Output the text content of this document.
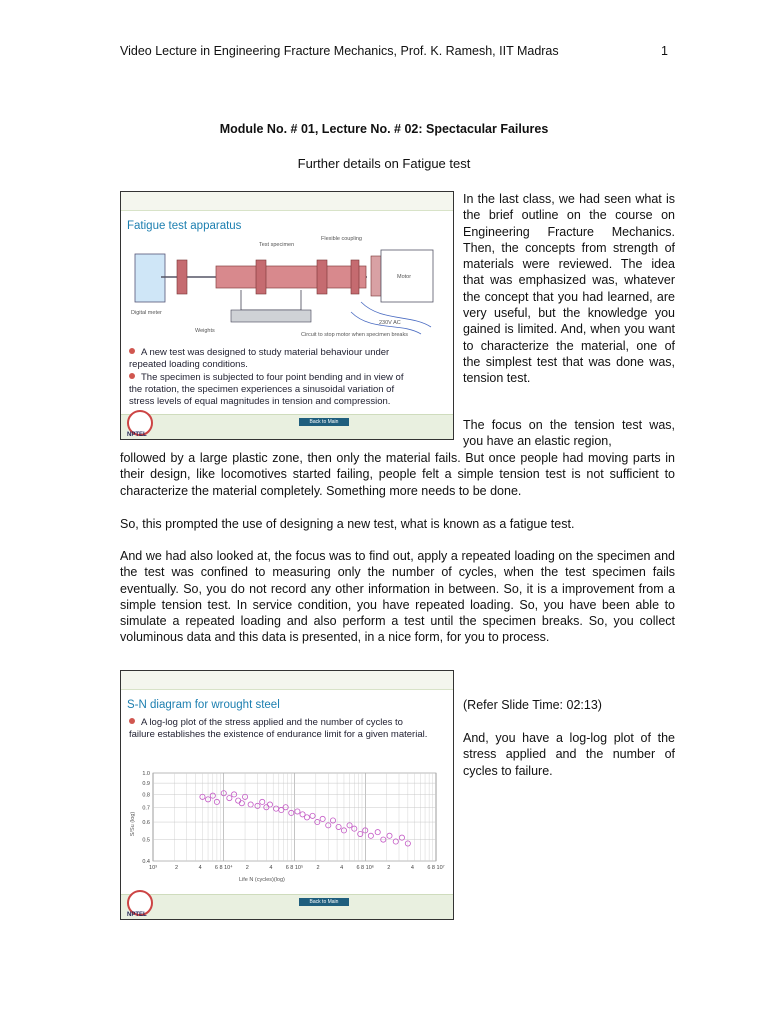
Video Lecture in Engineering Fracture Mechanics, Prof. K. Ramesh, IIT Madras	1
Module No. # 01, Lecture No. # 02: Spectacular Failures
Further details on Fatigue test
Fatigue test apparatus
Test specimen
Flexible coupling
Motor
Digital meter
Weights
230V AC
Circuit to stop motor when specimen breaks
A new test was designed to study material behaviour under repeated loading conditions.
The specimen is subjected to four point bending and in view of the rotation, the specimen experiences a sinusoidal variation of stress levels of equal magnitudes in tension and compression.
NPTEL
Back to Main
In the last class, we had seen what is the brief outline on the course on Engineering Fracture Mechanics. Then, the concepts from strength of materials were reviewed. The idea that was emphasized was, whatever the concept that you had learned, are very useful, but the knowledge you gained is limited. And, when you want to characterize the material, one of the simplest test that was done was, tension test.
The focus on the tension test was, you have an elastic region,
followed by a large plastic zone, then only the material fails. But once people had moving parts in their design, like locomotives started failing, people felt a simple tension test is not sufficient to characterize the material completely. Something more needs to be done.
So, this prompted the use of designing a new test, what is known as a fatigue test.
And we had also looked at, the focus was to find out, apply a repeated loading on the specimen and the test was confined to measuring only the number of cycles, when the test specimen fails eventually. So, you do not record any other information in between. So, it is a improvement from a simple tension test. In service condition, you have repeated loading. So, you have been able to simulate a repeated loading and also perform a test until the specimen breaks. So, you collect voluminous data and this data is presented, in a nice form, for you to process.
S-N diagram for wrought steel
A log-log plot of the stress applied and the number of cycles to failure establishes the existence of endurance limit for a given material.
1.0
0.9
0.8
0.7
0.6
0.5
0.4
10³	2	4 6 8 10⁴ 2	4 6 8 10⁵ 2	4 6 8 10⁶ 2	4 6 8 10⁷
S/Su (log)
Life N (cycles)(log)
NPTEL
Back to Main
(Refer Slide Time: 02:13)
And, you have a log-log plot of the stress applied and the number of cycles to failure.
